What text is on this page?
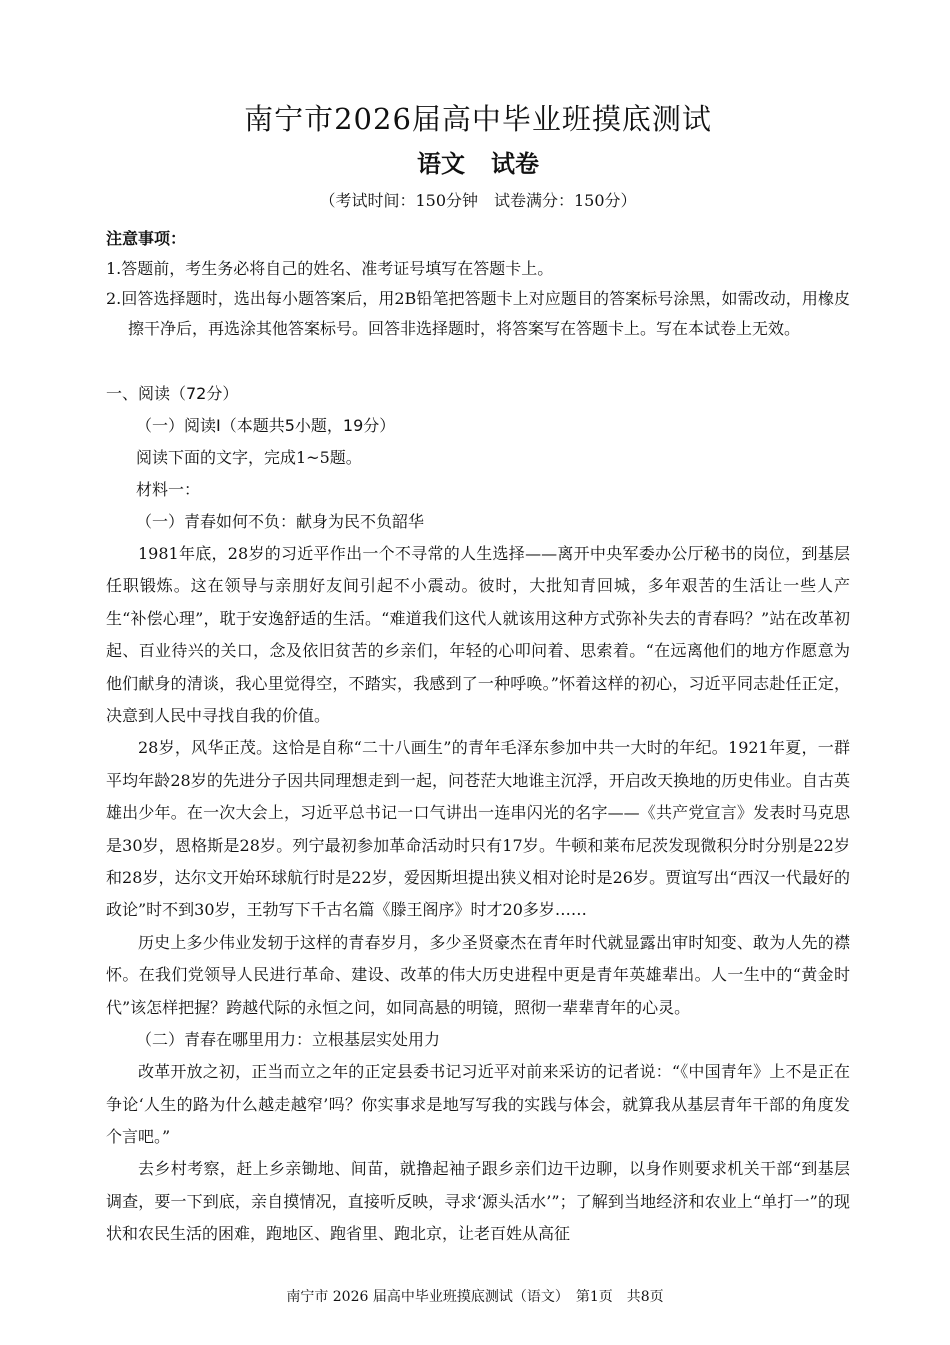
南宁市2026届高中毕业班摸底测试
语文 试卷
（考试时间：150分钟　试卷满分：150分）
注意事项：

1.答题前，考生务必将自己的姓名、准考证号填写在答题卡上。

2.回答选择题时，选出每小题答案后，用2B铅笔把答题卡上对应题目的答案标号涂黑，如需改动，用橡皮擦干净后，再选涂其他答案标号。回答非选择题时，将答案写在答题卡上。写在本试卷上无效。

一、阅读（72分）
（一）阅读Ⅰ（本题共5小题，19分）
阅读下面的文字，完成1~5题。
材料一：
（一）青春如何不负：献身为民不负韶华

1981年底，28岁的习近平作出一个不寻常的人生选择——离开中央军委办公厅秘书的岗位，到基层任职锻炼。这在领导与亲朋好友间引起不小震动。彼时，大批知青回城，多年艰苦的生活让一些人产生“补偿心理”，耽于安逸舒适的生活。“难道我们这代人就该用这种方式弥补失去的青春吗？”站在改革初起、百业待兴的关口，念及依旧贫苦的乡亲们，年轻的心叩问着、思索着。“在远离他们的地方作愿意为他们献身的清谈，我心里觉得空，不踏实，我感到了一种呼唤。”怀着这样的初心，习近平同志赴任正定，决意到人民中寻找自我的价值。

28岁，风华正茂。这恰是自称“二十八画生”的青年毛泽东参加中共一大时的年纪。1921年夏，一群平均年龄28岁的先进分子因共同理想走到一起，问苍茫大地谁主沉浮，开启改天换地的历史伟业。自古英雄出少年。在一次大会上，习近平总书记一口气讲出一连串闪光的名字——《共产党宣言》发表时马克思是30岁，恩格斯是28岁。列宁最初参加革命活动时只有17岁。牛顿和莱布尼茨发现微积分时分别是22岁和28岁，达尔文开始环球航行时是22岁，爱因斯坦提出狭义相对论时是26岁。贾谊写出“西汉一代最好的政论”时不到30岁，王勃写下千古名篇《滕王阁序》时才20多岁……

历史上多少伟业发轫于这样的青春岁月，多少圣贤豪杰在青年时代就显露出审时知变、敢为人先的襟怀。在我们党领导人民进行革命、建设、改革的伟大历史进程中更是青年英雄辈出。人一生中的“黄金时代”该怎样把握？跨越代际的永恒之问，如同高悬的明镜，照彻一辈辈青年的心灵。

（二）青春在哪里用力：立根基层实处用力

改革开放之初，正当而立之年的正定县委书记习近平对前来采访的记者说：“《中国青年》上不是正在争论‘人生的路为什么越走越窄’吗？你实事求是地写写我的实践与体会，就算我从基层青年干部的角度发个言吧。”

去乡村考察，赶上乡亲锄地、间苗，就撸起袖子跟乡亲们边干边聊，以身作则要求机关干部“到基层调查，要一下到底，亲自摸情况，直接听反映，寻求‘源头活水’”；了解到当地经济和农业上“单打一”的现状和农民生活的困难，跑地区、跑省里、跑北京，让老百姓从高征

南宁市 2026 届高中毕业班摸底测试（语文）　第1页　共8页
